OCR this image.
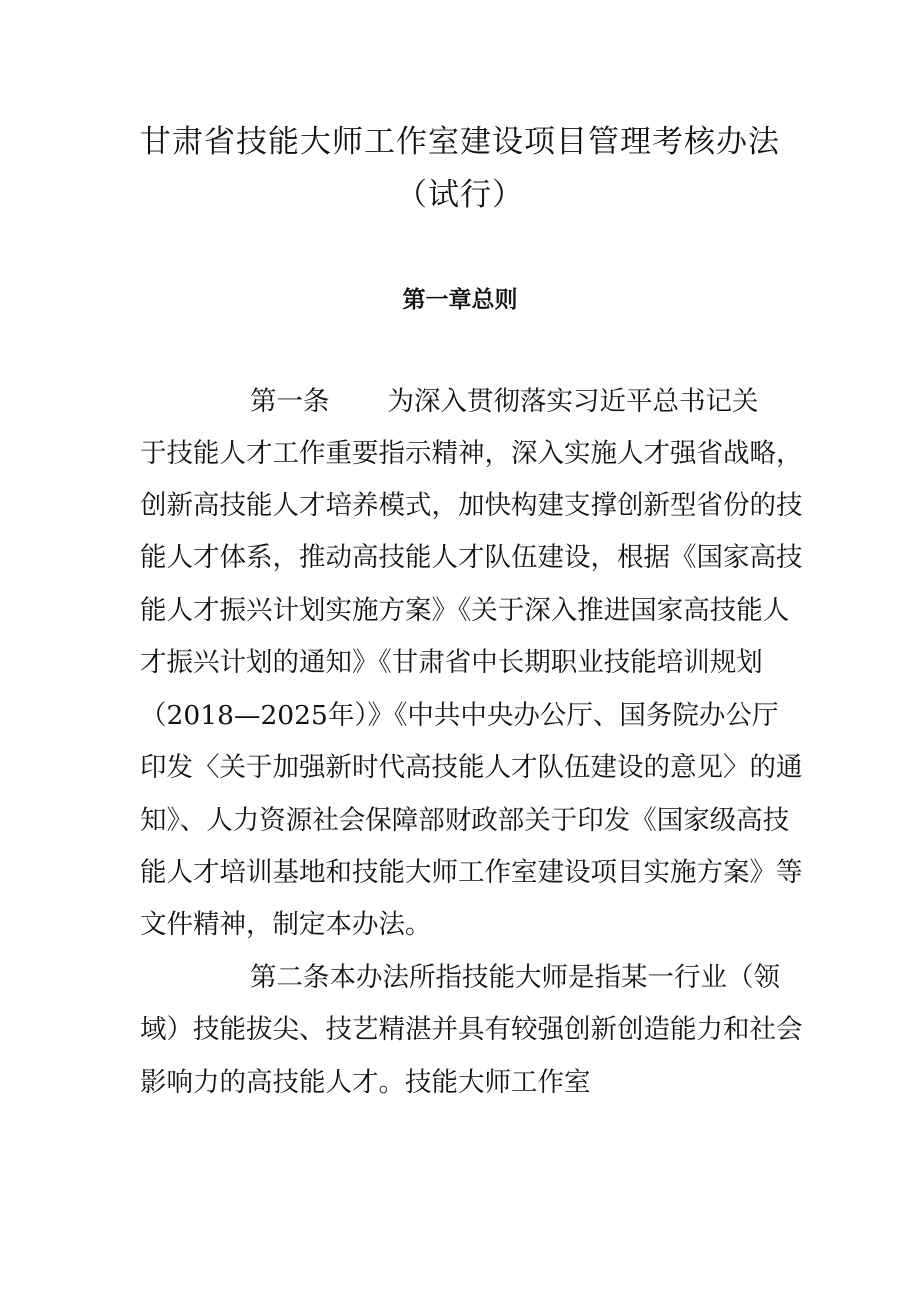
甘肃省技能大师工作室建设项目管理考核办法
（试行）
第一章总则

第一条 为深入贯彻落实习近平总书记关

于技能人才工作重要指示精神，深入实施人才强省战略，

创新高技能人才培养模式，加快构建支撑创新型省份的技

能人才体系，推动高技能人才队伍建设，根据《国家高技

能人才振兴计划实施方案》《关于深入推进国家高技能人

才振兴计划的通知》《甘肃省中长期职业技能培训规划

（2018—2025年）》《中共中央办公厅、国务院办公厅

印发〈关于加强新时代高技能人才队伍建设的意见〉的通

知》、人力资源社会保障部财政部关于印发《国家级高技

能人才培训基地和技能大师工作室建设项目实施方案》等

文件精神，制定本办法。

第二条本办法所指技能大师是指某一行业（领

域）技能拔尖、技艺精湛并具有较强创新创造能力和社会

影响力的高技能人才。技能大师工作室
